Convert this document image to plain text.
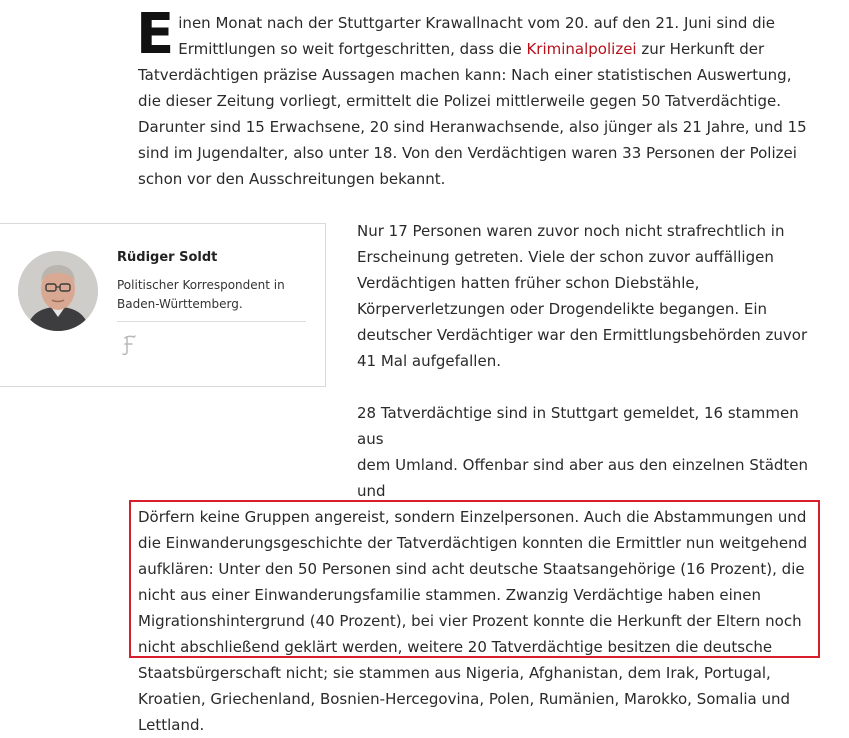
Einen Monat nach der Stuttgarter Krawallnacht vom 20. auf den 21. Juni sind die Ermittlungen so weit fortgeschritten, dass die Kriminalpolizei zur Herkunft der Tatverdächtigen präzise Aussagen machen kann: Nach einer statistischen Auswertung, die dieser Zeitung vorliegt, ermittelt die Polizei mittlerweile gegen 50 Tatverdächtige. Darunter sind 15 Erwachsene, 20 sind Heranwachsende, also jünger als 21 Jahre, und 15 sind im Jugendalter, also unter 18. Von den Verdächtigen waren 33 Personen der Polizei schon vor den Ausschreitungen bekannt.

Rüdiger Soldt
Politischer Korrespondent in Baden-Württemberg.

Nur 17 Personen waren zuvor noch nicht strafrechtlich in Erscheinung getreten. Viele der schon zuvor auffälligen Verdächtigen hatten früher schon Diebstähle, Körperverletzungen oder Drogendelikte begangen. Ein deutscher Verdächtiger war den Ermittlungsbehörden zuvor 41 Mal aufgefallen.

28 Tatverdächtige sind in Stuttgart gemeldet, 16 stammen aus
dem Umland. Offenbar sind aber aus den einzelnen Städten und
Dörfern keine Gruppen angereist, sondern Einzelpersonen. Auch die Abstammungen und die Einwanderungsgeschichte der Tatverdächtigen konnten die Ermittler nun weitgehend aufklären: Unter den 50 Personen sind acht deutsche Staatsangehörige (16 Prozent), die nicht aus einer Einwanderungsfamilie stammen. Zwanzig Verdächtige haben einen Migrationshintergrund (40 Prozent), bei vier Prozent konnte die Herkunft der Eltern noch nicht abschließend geklärt werden, weitere 20 Tatverdächtige besitzen die deutsche Staatsbürgerschaft nicht; sie stammen aus Nigeria, Afghanistan, dem Irak, Portugal, Kroatien, Griechenland, Bosnien-Hercegovina, Polen, Rumänien, Marokko, Somalia und Lettland.
